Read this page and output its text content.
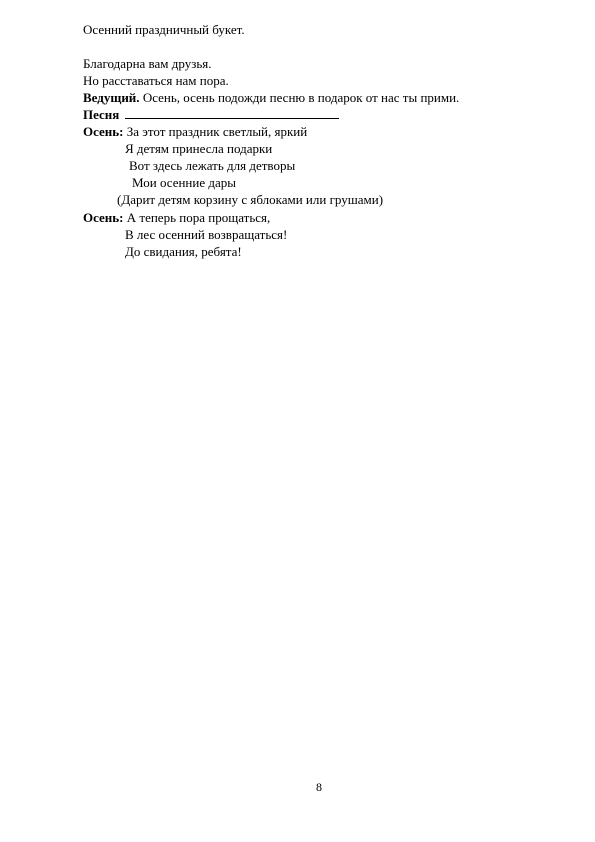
Осенний праздничный букет.
Благодарна вам друзья.
Но расставаться нам пора.
Ведущий. Осень, осень подожди песню в подарок от нас ты прими.
Песня
Осень: За этот праздник светлый, яркий
Я детям принесла подарки
Вот здесь лежать для детворы
Мои осенние дары
(Дарит детям корзину с яблоками или грушами)
Осень: А теперь пора прощаться,
В лес осенний возвращаться!
До свидания, ребята!
8
